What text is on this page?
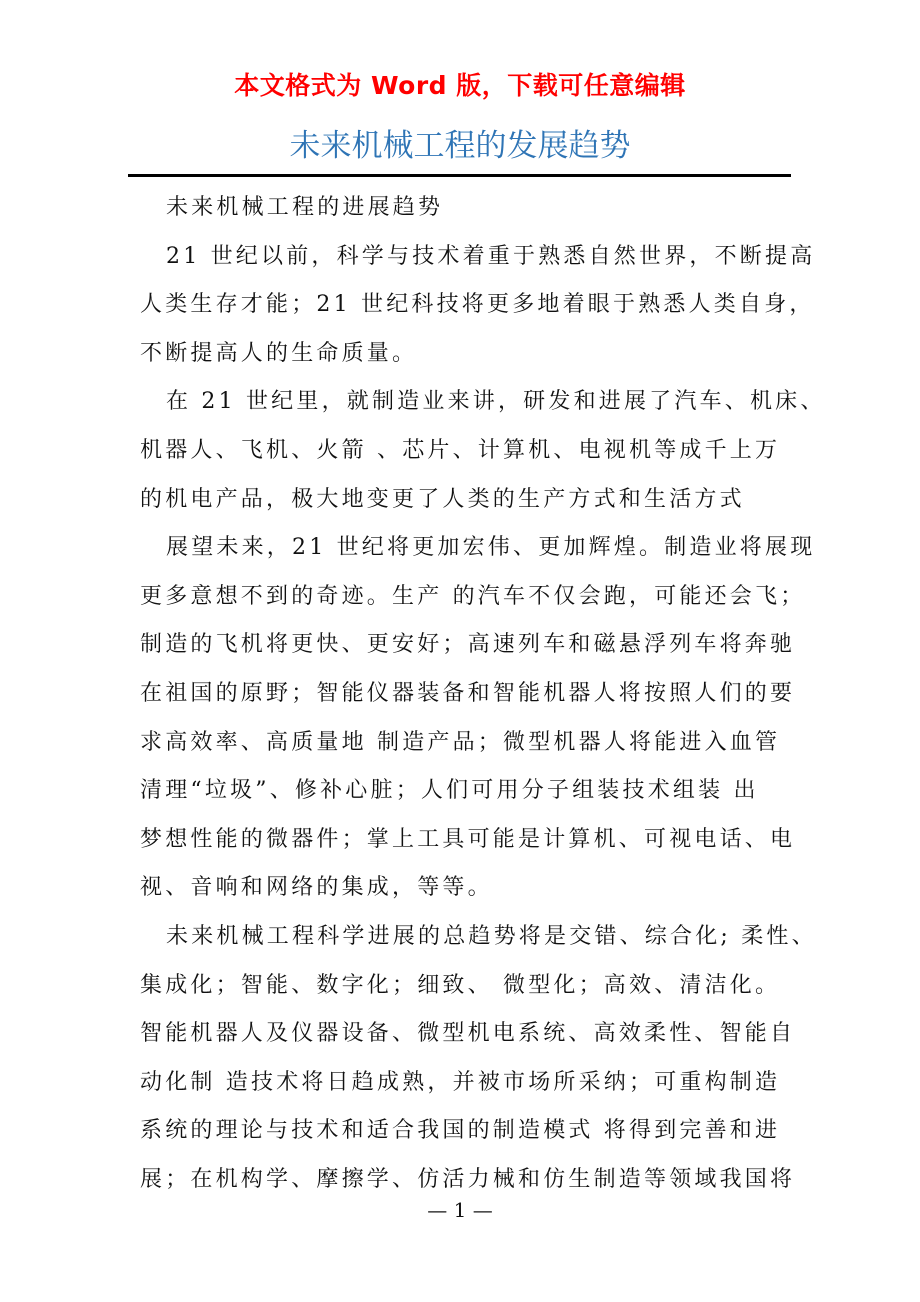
本文格式为 Word 版，下载可任意编辑
未来机械工程的发展趋势
未来机械工程的进展趋势
21 世纪以前，科学与技术着重于熟悉自然世界，不断提高
人类生存才能；21 世纪科技将更多地着眼于熟悉人类自身，
不断提高人的生命质量。
在 21 世纪里，就制造业来讲，研发和进展了汽车、机床、
机器人、飞机、火箭 、芯片、计算机、电视机等成千上万
的机电产品，极大地变更了人类的生产方式和生活方式
展望未来，21 世纪将更加宏伟、更加辉煌。制造业将展现
更多意想不到的奇迹。生产 的汽车不仅会跑，可能还会飞；
制造的飞机将更快、更安好；高速列车和磁悬浮列车将奔驰
在祖国的原野；智能仪器装备和智能机器人将按照人们的要
求高效率、高质量地 制造产品；微型机器人将能进入血管
清理“垃圾”、修补心脏；人们可用分子组装技术组装 出
梦想性能的微器件；掌上工具可能是计算机、可视电话、电
视、音响和网络的集成，等等。
未来机械工程科学进展的总趋势将是交错、综合化; 柔性、
集成化；智能、数字化；细致、 微型化；高效、清洁化。
智能机器人及仪器设备、微型机电系统、高效柔性、智能自
动化制 造技术将日趋成熟，并被市场所采纳；可重构制造
系统的理论与技术和适合我国的制造模式 将得到完善和进
展；在机构学、摩擦学、仿活力械和仿生制造等领域我国将
— 1 —
